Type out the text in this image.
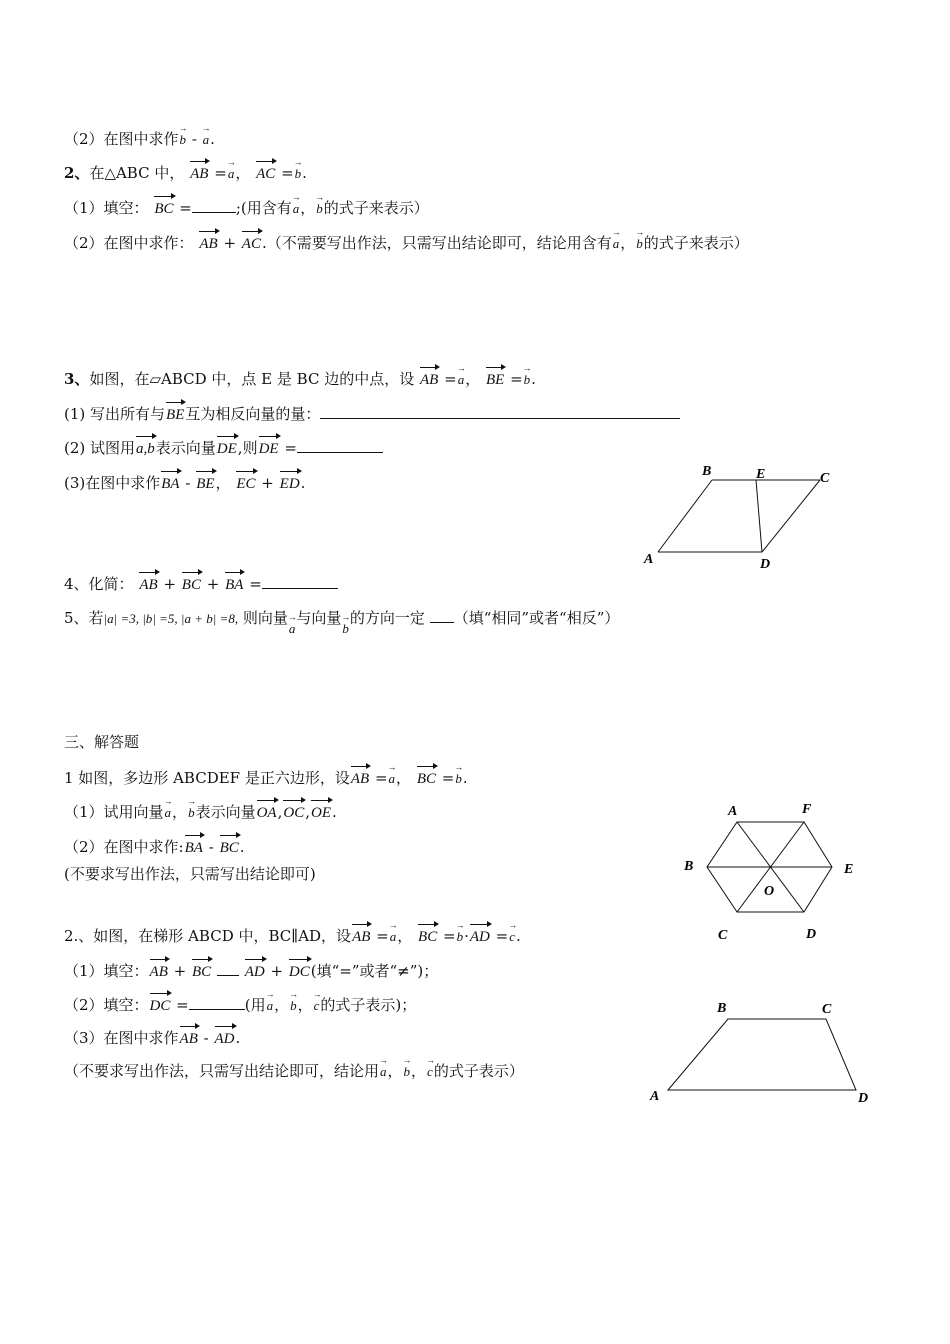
（2）在图中求作→ b - → a.
2、在△ABC 中， AB =→ a， AC =→ b.
（1）填空： BC =	;(用含有→ a，→ b的式子来表示）
（2）在图中求作： AB + AC.（不需要写出作法，只需写出结论即可，结论用含有→ a，→ b的式子来表示）
3、如图，在▱ABCD 中，点 E 是 BC 边的中点，设 AB =→ a， BE =→ b.
(1) 写出所有与BE互为相反向量的量：
(2) 试图用a,b表示向量DE,则DE =
(3)在图中求作BA - BE， EC + ED.
B	E	C
A	D
4、化简： AB + BC + BA =
5、若|a| =3, |b| =5, |a + b| =8, 则向量→ a与向量→ b的方向一定 （填“相同”或者“相反”）
三、解答题
1 如图，多边形 ABCDEF 是正六边形，设AB =→ a， BC =→ b.
（1）试用向量→ a，→ b表示向量OA,OC,OE.
（2）在图中求作:BA - BC.
(不要求写出作法，只需写出结论即可)
A	F
B	E
O
C	D
2.、如图，在梯形 ABCD 中，BC∥AD，设AB =→ a， BC =→ b·AD =→ c.
（1）填空：AB + BC AD + DC(填“=”或者“≠”)；
（2）填空：DC =	(用→ a，→ b，→ c的式子表示)；
（3）在图中求作AB - AD.
（不要求写出作法，只需写出结论即可，结论用→ a，→ b，→ c的式子表示）
B	C
A	D
